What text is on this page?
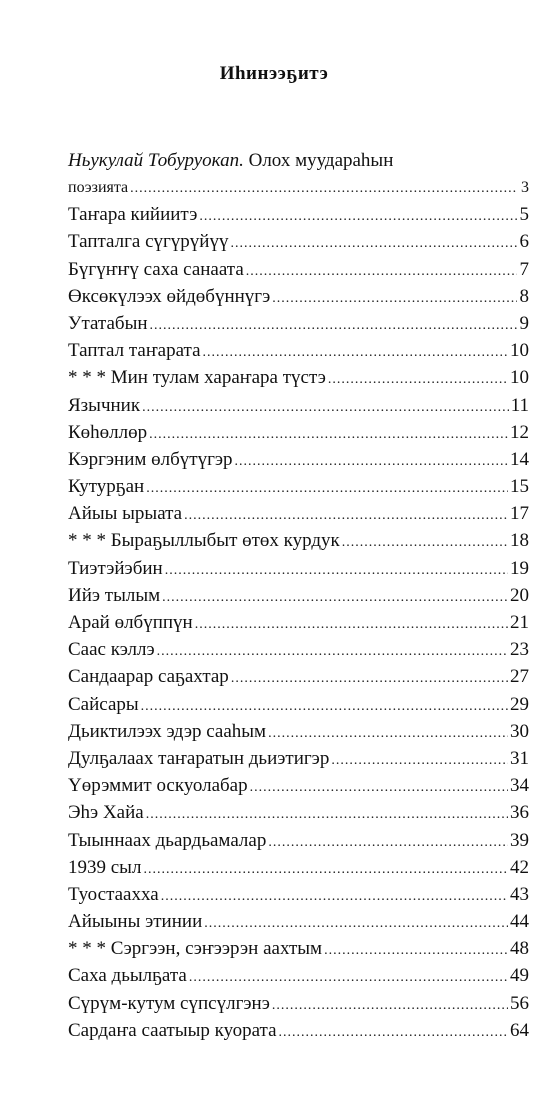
Иһинээҕитэ
Ньукулай Тобуруокап. Олох муудараһын
поэзията .....	3
Таҥара кийиитэ .....	5
Тапталга сүгүрүйүү .....	6
Бүгүҥҥү саха санаата .....	7
Өксөкүлээх өйдөбүннүгэ .....	8
Утатабын .....	9
Таптал таҥарата .....	10
* * * Мин тулам хараҥара түстэ .....	10
Язычник .....	11
Көһөллөр .....	12
Кэргэним өлбүтүгэр .....	14
Кутурҕан .....	15
Айыы ырыата .....	17
* * * Быраҕыллыбыт өтөх курдук .....	18
Тиэтэйэбин .....	19
Ийэ тылым .....	20
Арай өлбүппүн .....	21
Саас кэллэ .....	23
Сандаарар саҕахтар .....	27
Сайсары .....	29
Дьиктилээх эдэр сааһым .....	30
Дулҕалаах таҥаратын дьиэтигэр .....	31
Үөрэммит оскуолабар .....	34
Эһэ Хайа .....	36
Тыыннаах дьардьамалар .....	39
1939 сыл .....	42
Туостаахха .....	43
Айыыны этинии .....	44
* * * Сэргээн, сэҥээрэн аахтым .....	48
Саха дьылҕата .....	49
Сүрүм-кутум сүпсүлгэнэ .....	56
Сардаҥа саатыыр куората .....	64
